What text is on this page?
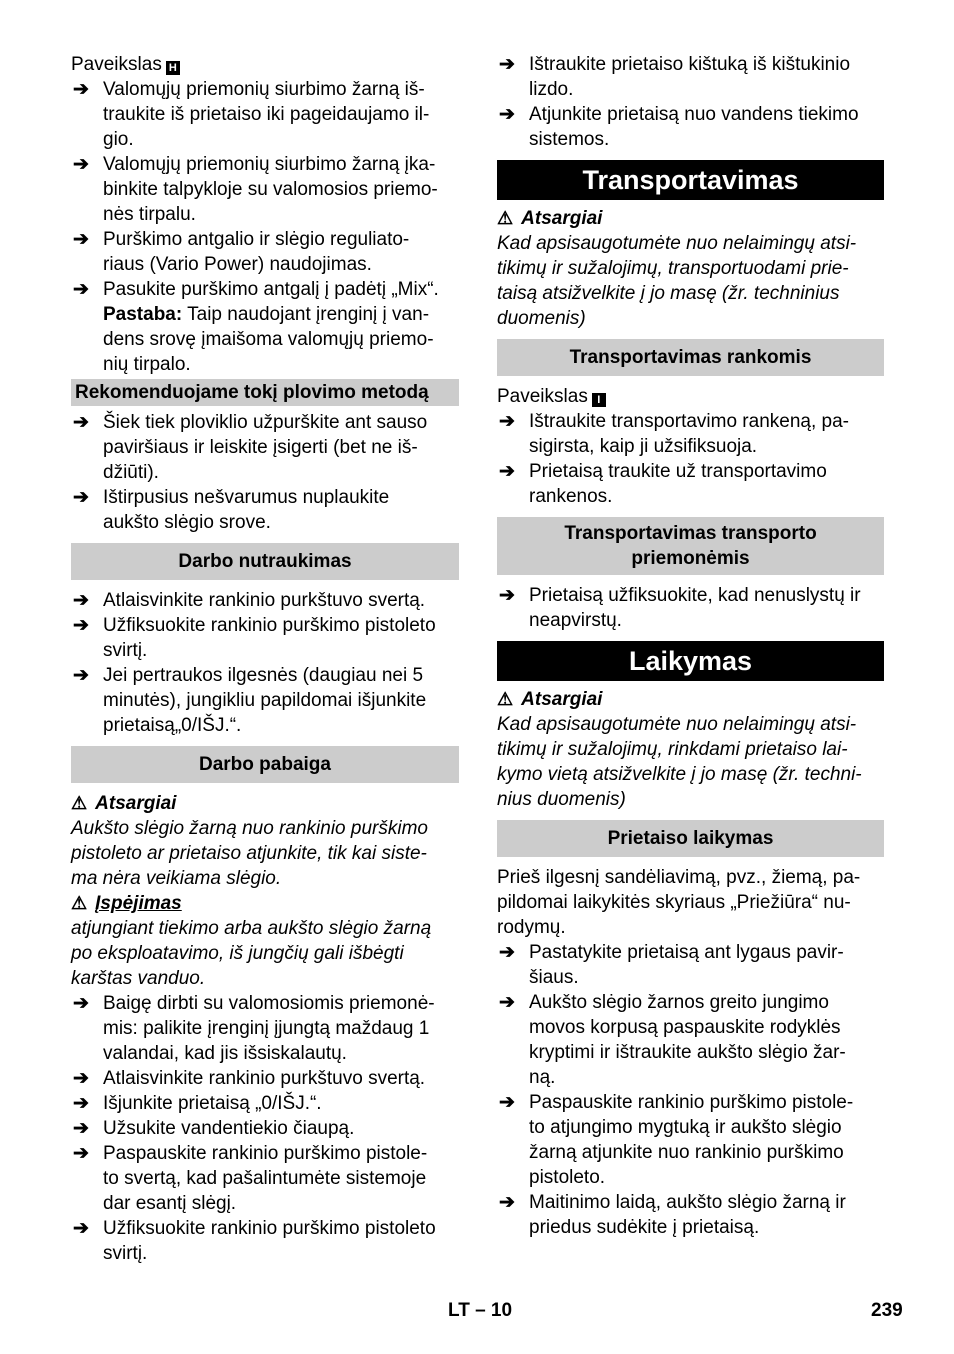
Paveikslas H

➔ Valomųjų priemonių siurbimo žarną iš-
traukite iš prietaiso iki pageidaujamo il-
gio.

➔ Valomųjų priemonių siurbimo žarną įka-
binkite talpykloje su valomosios priemo-
nės tirpalu.

➔ Purškimo antgalio ir slėgio reguliato-
riaus (Vario Power) naudojimas.

➔ Pasukite purškimo antgalį į padėtį „Mix“.

Pastaba: Taip naudojant įrenginį į van-
dens srovę įmaišoma valomųjų priemo-
nių tirpalo.

Rekomenduojame tokį plovimo metodą

➔ Šiek tiek ploviklio užpurškite ant sauso
paviršiaus ir leiskite įsigerti (bet ne iš-
džiūti).

➔ Ištirpusius nešvarumus nuplaukite
aukšto slėgio srove.

Darbo nutraukimas

➔ Atlaisvinkite rankinio purkštuvo svertą.

➔ Užfiksuokite rankinio purškimo pistoleto
svirtį.

➔ Jei pertraukos ilgesnės (daugiau nei 5
minutės), jungikliu papildomai išjunkite
prietaisą„0/IŠJ.“.

Darbo pabaiga

⚠ Atsargiai

Aukšto slėgio žarną nuo rankinio purškimo
pistoleto ar prietaiso atjunkite, tik kai siste-
ma nėra veikiama slėgio.

⚠ Įspėjimas

atjungiant tiekimo arba aukšto slėgio žarną
po eksploatavimo, iš jungčių gali išbėgti
karštas vanduo.

➔ Baigę dirbti su valomosiomis priemonė-
mis: palikite įrenginį įjungtą maždaug 1
valandai, kad jis išsiskalautų.

➔ Atlaisvinkite rankinio purkštuvo svertą.

➔ Išjunkite prietaisą „0/IŠJ.“.

➔ Užsukite vandentiekio čiaupą.

➔ Paspauskite rankinio purškimo pistole-
to svertą, kad pašalintumėte sistemoje
dar esantį slėgį.

➔ Užfiksuokite rankinio purškimo pistoleto
svirtį.

➔ Ištraukite prietaiso kištuką iš kištukinio
lizdo.

➔ Atjunkite prietaisą nuo vandens tiekimo
sistemos.

Transportavimas

⚠ Atsargiai

Kad apsisaugotumėte nuo nelaimingų atsi-
tikimų ir sužalojimų, transportuodami prie-
taisą atsižvelkite į jo masę (žr. techninius
duomenis)

Transportavimas rankomis

Paveikslas I

➔ Ištraukite transportavimo rankeną, pa-
sigirsta, kaip ji užsifiksuoja.

➔ Prietaisą traukite už transportavimo
rankenos.

Transportavimas transporto
priemonėmis

➔ Prietaisą užfiksuokite, kad nenuslystų ir
neapvirstų.

Laikymas

⚠ Atsargiai

Kad apsisaugotumėte nuo nelaimingų atsi-
tikimų ir sužalojimų, rinkdami prietaiso lai-
kymo vietą atsižvelkite į jo masę (žr. techni-
nius duomenis)

Prietaiso laikymas

Prieš ilgesnį sandėliavimą, pvz., žiemą, pa-
pildomai laikykitės skyriaus „Priežiūra“ nu-
rodymų.

➔ Pastatykite prietaisą ant lygaus pavir-
šiaus.

➔ Aukšto slėgio žarnos greito jungimo
movos korpusą paspauskite rodyklės
kryptimi ir ištraukite aukšto slėgio žar-
ną.

➔ Paspauskite rankinio purškimo pistole-
to atjungimo mygtuką ir aukšto slėgio
žarną atjunkite nuo rankinio purškimo
pistoleto.

➔ Maitinimo laidą, aukšto slėgio žarną ir
priedus sudėkite į prietaisą.

LT – 10	239
